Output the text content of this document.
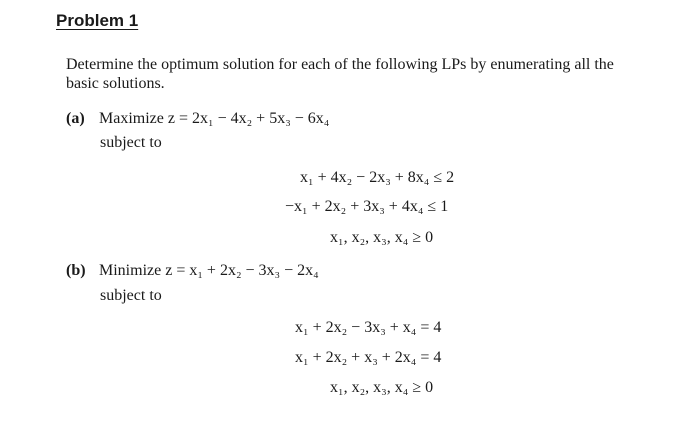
Problem 1
Determine the optimum solution for each of the following LPs by enumerating all the
basic solutions.
(a) Maximize z = 2x₁ − 4x₂ + 5x₃ − 6x₄
subject to
x₁ + 4x₂ − 2x₃ + 8x₄ ≤ 2
−x₁ + 2x₂ + 3x₃ + 4x₄ ≤ 1
x₁, x₂, x₃, x₄ ≥ 0
(b) Minimize z = x₁ + 2x₂ − 3x₃ − 2x₄
subject to
x₁ + 2x₂ − 3x₃ + x₄ = 4
x₁ + 2x₂ + x₃ + 2x₄ = 4
x₁, x₂, x₃, x₄ ≥ 0
